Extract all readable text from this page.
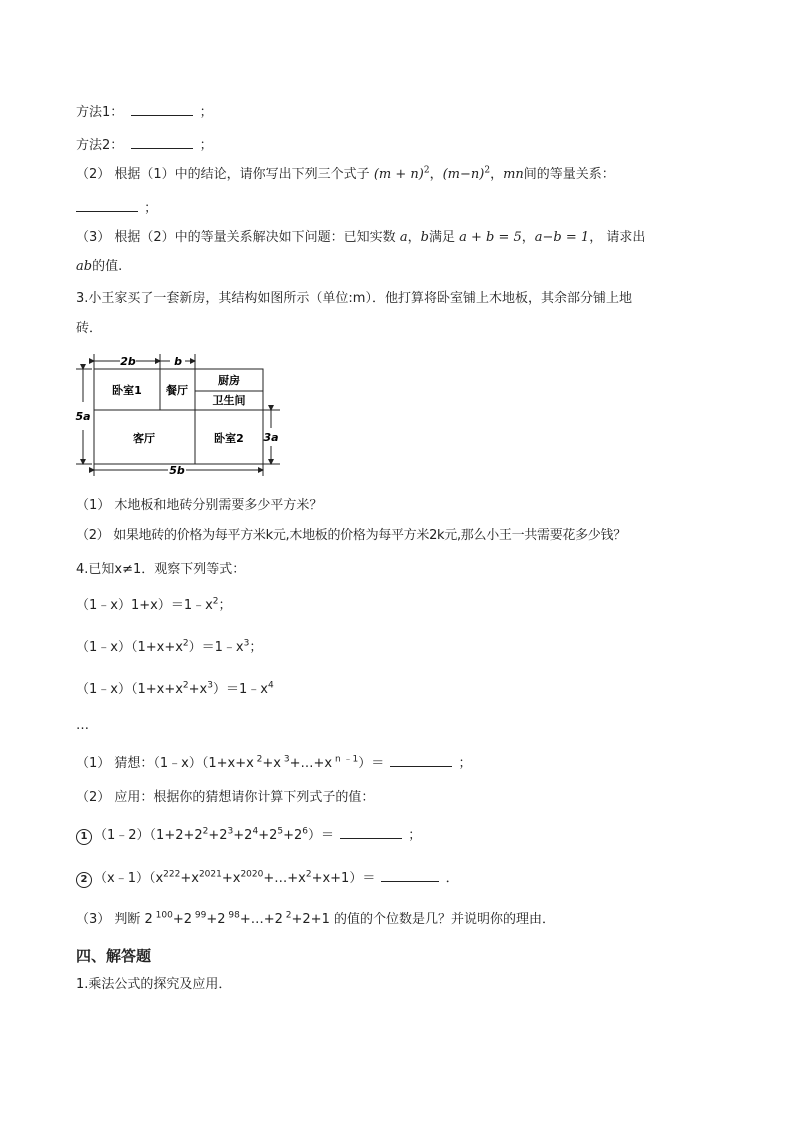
方法1：	；
方法2：	；
（2） 根据（1）中的结论，请你写出下列三个式子 $(m + n)^2$，$(m-n)^2$，mn间的等量关系：
；
（3） 根据（2）中的等量关系解决如下问题：已知实数 a，b满足 a + b = 5，a−b = 1， 请求出
ab的值.
3.小王家买了一套新房，其结构如图所示（单位:m）．他打算将卧室铺上木地板，其余部分铺上地
砖．
2b	b
5a
3a
5b
卧室1 餐厅
厨房
卫生间
客厅	卧室2
（1） 木地板和地砖分别需要多少平方米？
（2） 如果地砖的价格为每平方米k元,木地板的价格为每平方米2k元,那么小王一共需要花多少钱？
4.已知x≠1．观察下列等式：
$(1﹣x)1+x)=1﹣x^2$；
$(1﹣x)(1+x+x^2)=1﹣x^3$；
$(1﹣x)(1+x+x^2+x^3)=1﹣x^4$
…
（1） 猜想：（1﹣x）（1+x+x $^2$+x $^3$+…+x $^{n ﹣1}$）＝	；
（2） 应用：根据你的猜想请你计算下列式子的值：
1 $(1﹣2)(1+2+2^2+2^3+2^4+2^5+2^6)=$	；
2 $(x﹣1)(x^{222}+x^{2021}+x^{2020}+\dots+x^2+x+1)=$	．
（3） 判断 2 $^{100}$+2 $^{99}$+2 $^{98}$+…+2 $^2$+2+1 的值的个位数是几？并说明你的理由．
四、解答题
1.乘法公式的探究及应用．
